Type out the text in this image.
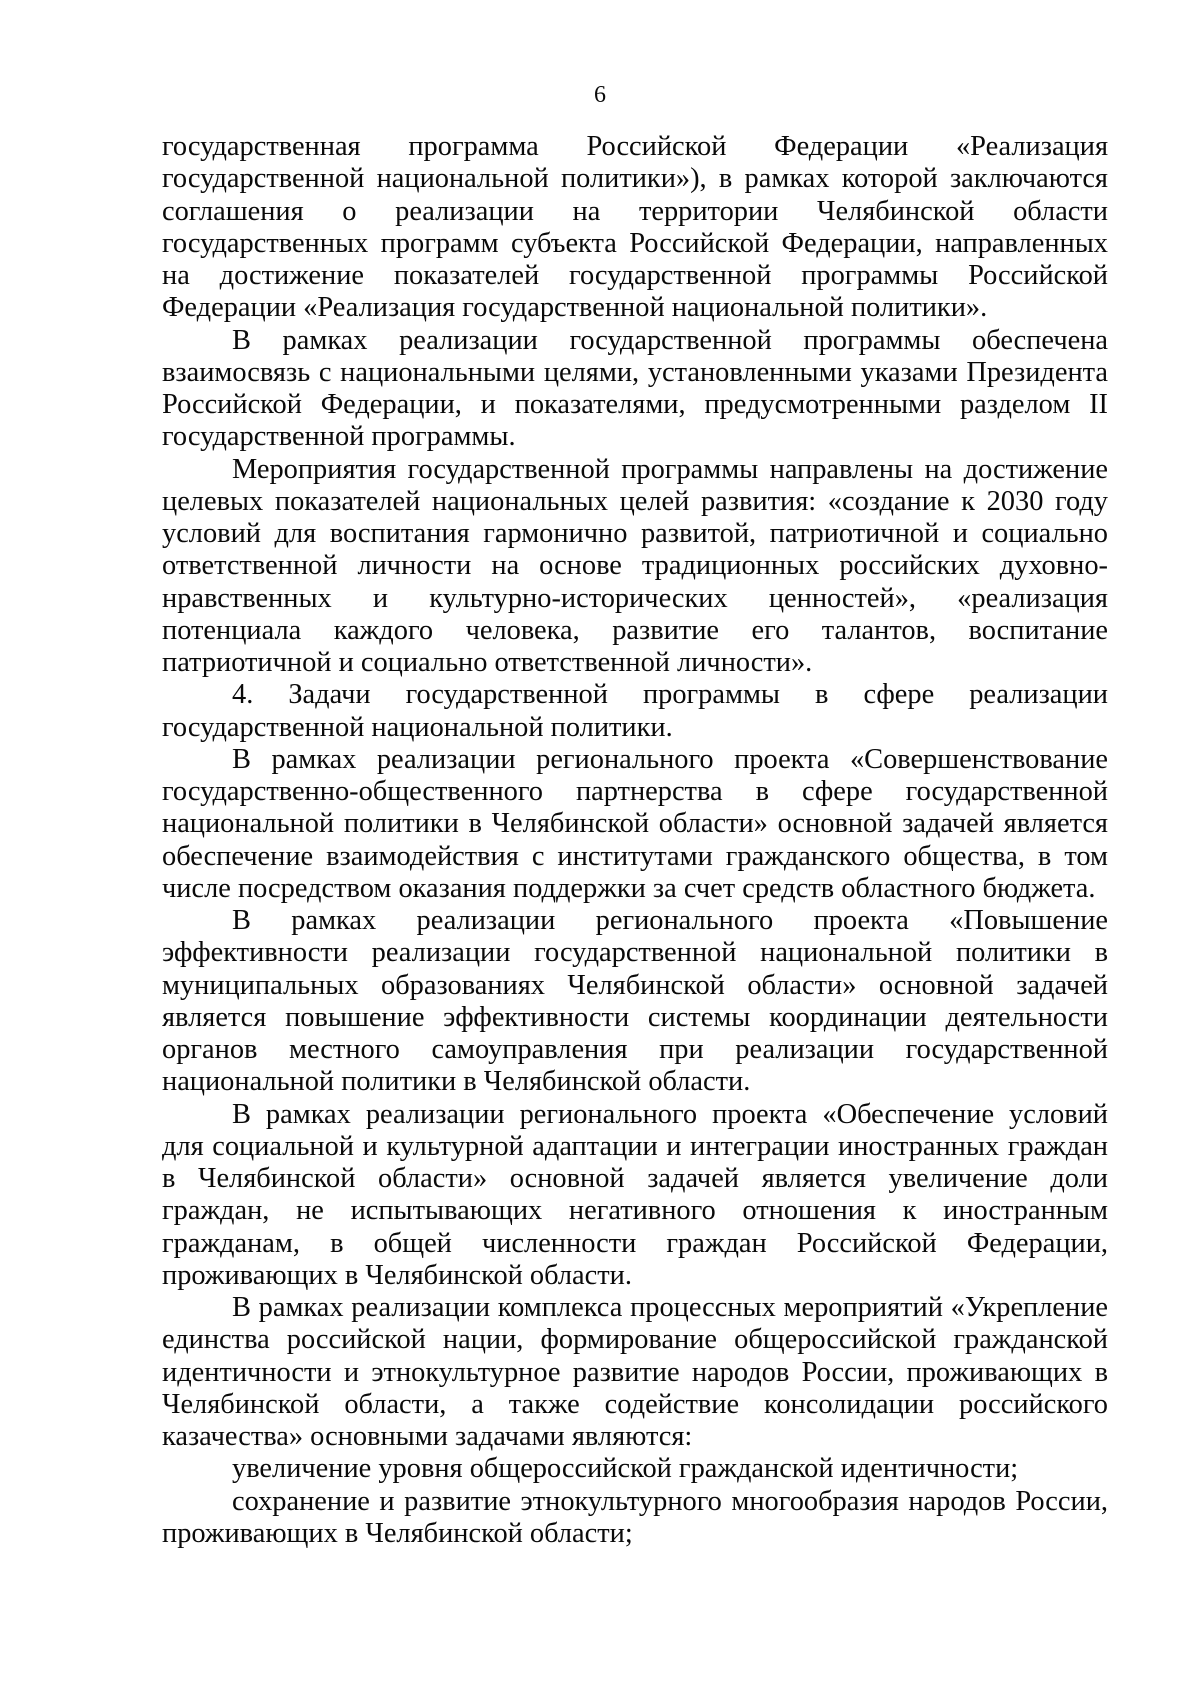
6

государственная программа Российской Федерации «Реализация государственной национальной политики»), в рамках которой заключаются соглашения о реализации на территории Челябинской области государственных программ субъекта Российской Федерации, направленных на достижение показателей государственной программы Российской Федерации «Реализация государственной национальной политики».

В рамках реализации государственной программы обеспечена взаимосвязь с национальными целями, установленными указами Президента Российской Федерации, и показателями, предусмотренными разделом II государственной программы.

Мероприятия государственной программы направлены на достижение целевых показателей национальных целей развития: «создание к 2030 году условий для воспитания гармонично развитой, патриотичной и социально ответственной личности на основе традиционных российских духовно-нравственных и культурно-исторических ценностей», «реализация потенциала каждого человека, развитие его талантов, воспитание патриотичной и социально ответственной личности».

4. Задачи государственной программы в сфере реализации государственной национальной политики.

В рамках реализации регионального проекта «Совершенствование государственно-общественного партнерства в сфере государственной национальной политики в Челябинской области» основной задачей является обеспечение взаимодействия с институтами гражданского общества, в том числе посредством оказания поддержки за счет средств областного бюджета.

В рамках реализации регионального проекта «Повышение эффективности реализации государственной национальной политики в муниципальных образованиях Челябинской области» основной задачей является повышение эффективности системы координации деятельности органов местного самоуправления при реализации государственной национальной политики в Челябинской области.

В рамках реализации регионального проекта «Обеспечение условий для социальной и культурной адаптации и интеграции иностранных граждан в Челябинской области» основной задачей является увеличение доли граждан, не испытывающих негативного отношения к иностранным гражданам, в общей численности граждан Российской Федерации, проживающих в Челябинской области.

В рамках реализации комплекса процессных мероприятий «Укрепление единства российской нации, формирование общероссийской гражданской идентичности и этнокультурное развитие народов России, проживающих в Челябинской области, а также содействие консолидации российского казачества» основными задачами являются:

увеличение уровня общероссийской гражданской идентичности;

сохранение и развитие этнокультурного многообразия народов России, проживающих в Челябинской области;
